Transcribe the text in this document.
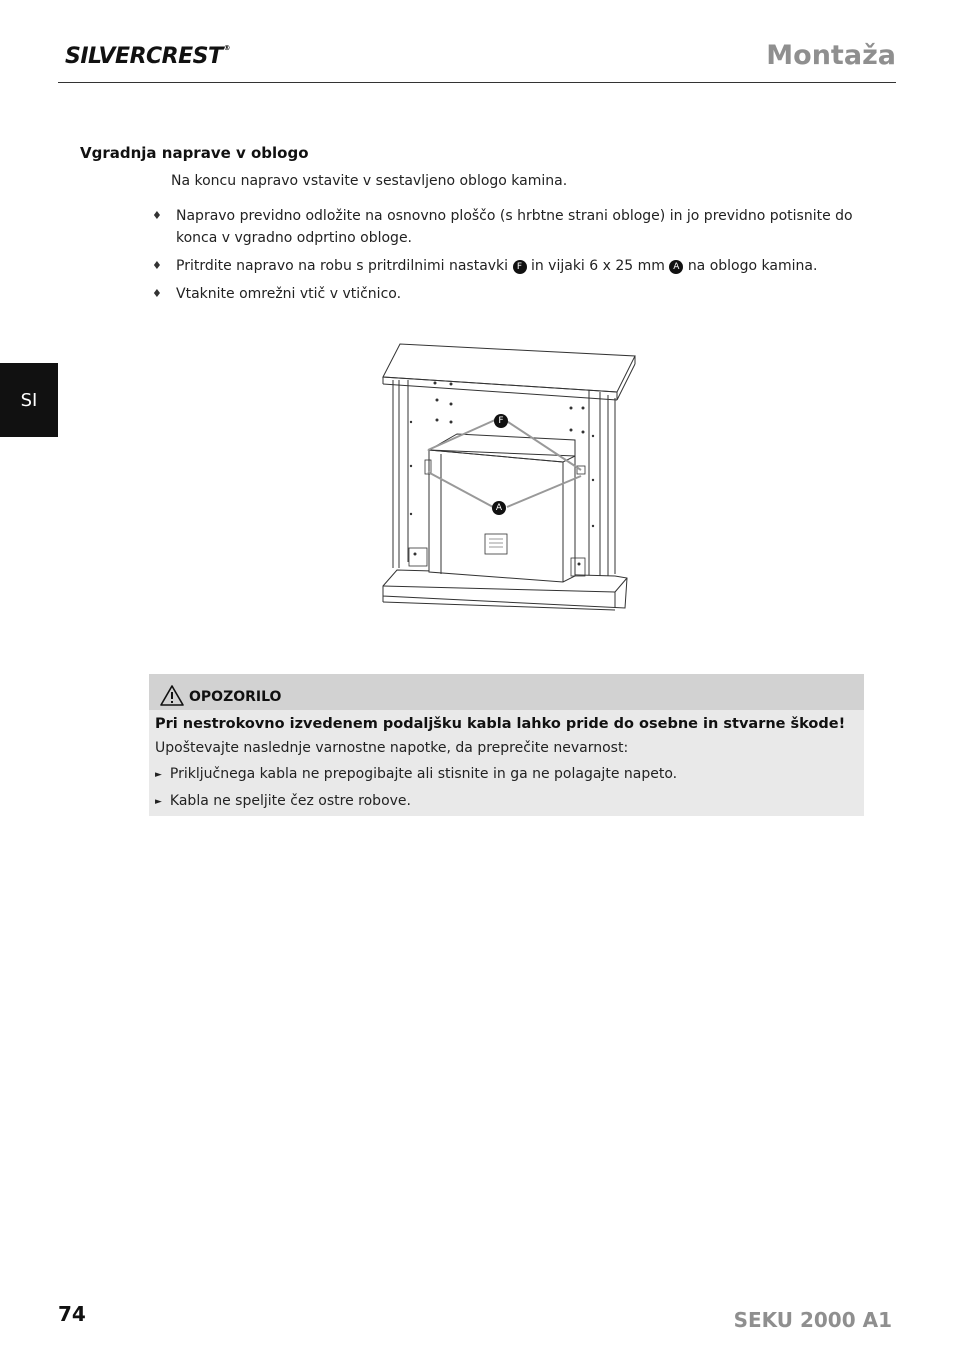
SILVERCREST®	Montaža
SI
Vgradnja naprave v oblogo
Na koncu napravo vstavite v sestavljeno oblogo kamina.
♦ Napravo previdno odložite na osnovno ploščo (s hrbtne strani obloge) in jo previdno potisnite do konca v vgradno odprtino obloge.
♦ Pritrdite napravo na robu s pritrdilnimi nastavki F in vijaki 6 x 25 mm A na oblogo kamina.
♦ Vtaknite omrežni vtič v vtičnico.
F
A
OPOZORILO
Pri nestrokovno izvedenem podaljšku kabla lahko pride do osebne in stvarne škode!
Upoštevajte naslednje varnostne napotke, da preprečite nevarnost:
► Priključnega kabla ne prepogibajte ali stisnite in ga ne polagajte napeto.
► Kabla ne speljite čez ostre robove.
74	SEKU 2000 A1
